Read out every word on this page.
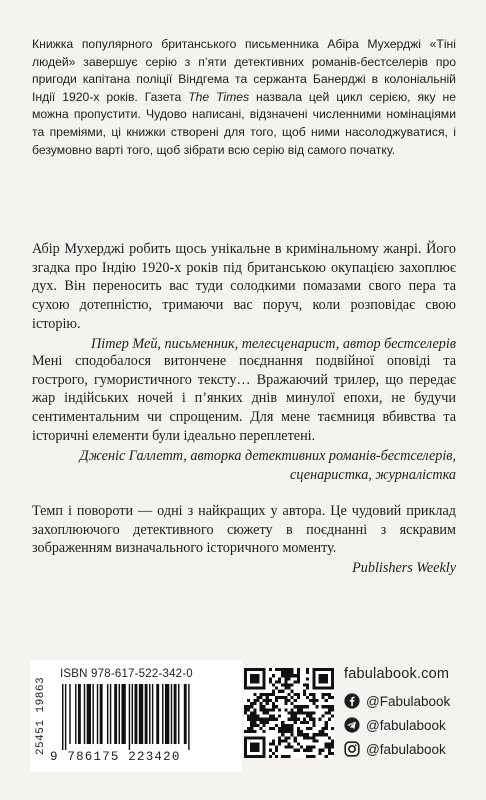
Книжка популярного британського письменника Абіра Мухерджі «Тіні людей» завершує серію з п’яти детективних романів-бестселерів про пригоди капітана поліції Віндгема та сержанта Банерджі в колоніальній Індії 1920-х років. Газета The Times назвала цей цикл серією, яку не можна пропустити. Чудово написані, відзначені численними номінаціями та преміями, ці книжки створені для того, щоб ними насолоджуватися, і безумовно варті того, щоб зібрати всю серію від самого початку.

Абір Мухерджі робить щось унікальне в кримінальному жанрі. Його згадка про Індію 1920-х років під британською окупацією захоплює дух. Він переносить вас туди солодкими помазами свого пера та сухою дотепністю, тримаючи вас поруч, коли розповідає свою історію.

Пітер Мей, письменник, телесценарист, автор бестселерів

Мені сподобалося витончене поєднання подвійної оповіді та гострого, гумористичного тексту… Вражаючий трилер, що передає жар індійських ночей і п’янких днів минулої епохи, не будучи сентиментальним чи спрощеним. Для мене таємниця вбивства та історичні елементи були ідеально переплетені.

Дженіс Галлетт, авторка детективних романів-бестселерів,

сценаристка, журналістка

Темп і повороти — одні з найкращих у автора. Це чудовий приклад захоплюючого детективного сюжету в поєднанні з яскравим зображенням визначального історичного моменту.

Publishers Weekly

25451 19863
ISBN 978-617-522-342-0
9 786175 223420
fabulabook.com
@Fabulabook
@fabulabook
@fabulabook
